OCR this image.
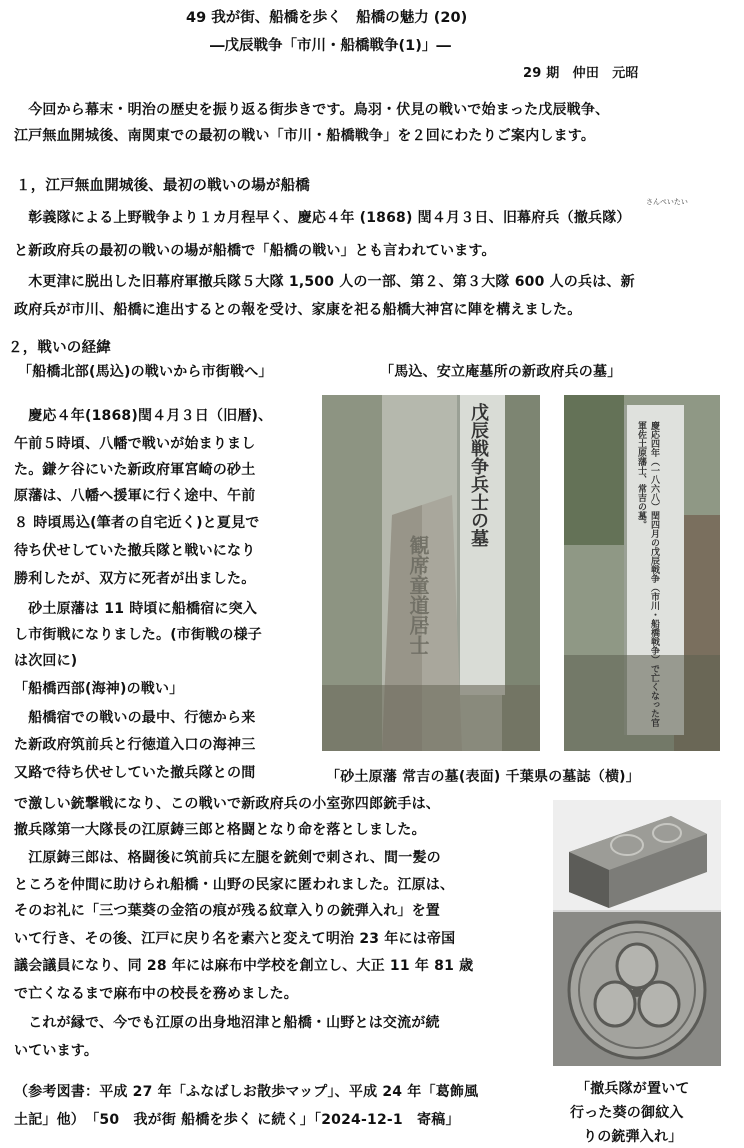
49 我が街、船橋を歩く　船橋の魅力 (20)
―戊辰戦争「市川・船橋戦争(1)」―
29 期　仲田　元昭
　今回から幕末・明治の歴史を振り返る街歩きです。鳥羽・伏見の戦いで始まった戊辰戦争、
江戸無血開城後、南関東での最初の戦い「市川・船橋戦争」を２回にわたりご案内します。
１，江戸無血開城後、最初の戦いの場が船橋
さんぺいたい
　彰義隊による上野戦争より１カ月程早く、慶応４年 (1868) 閏４月３日、旧幕府兵（撤兵隊）
と新政府兵の最初の戦いの場が船橋で「船橋の戦い」とも言われています。
　木更津に脱出した旧幕府軍撤兵隊５大隊 1,500 人の一部、第２、第３大隊 600 人の兵は、新
政府兵が市川、船橋に進出するとの報を受け、家康を祀る船橋大神宮に陣を構えました。
２，戦いの経緯
「船橋北部(馬込)の戦いから市街戦へ」	「馬込、安立庵墓所の新政府兵の墓」
　慶応４年(1868)閏４月３日（旧暦)、
午前５時頃、八幡で戦いが始まりまし
た。鎌ケ谷にいた新政府軍宮崎の砂土
原藩は、八幡へ援軍に行く途中、午前
８ 時頃馬込(筆者の自宅近く)と夏見で
待ち伏せしていた撤兵隊と戦いになり
勝利したが、双方に死者が出ました。
　砂土原藩は 11 時頃に船橋宿に突入
し市街戦になりました。(市街戦の様子
は次回に)
「船橋西部(海神)の戦い」
　船橋宿での戦いの最中、行徳から来
た新政府筑前兵と行徳道入口の海神三
又路で待ち伏せしていた撤兵隊との間
戊辰戦争兵士の墓
観席童道居士	慶応四年（一八六八）閏四月の戊辰戦争（市川・船橋戦争）で亡くなった官軍佐土原藩士、常吉の墓。
「砂土原藩 常吉の墓(表面) 千葉県の墓誌（横)」
で激しい銃撃戦になり、この戦いで新政府兵の小室弥四郎銃手は、
撤兵隊第一大隊長の江原鋳三郎と格闘となり命を落としました。
　江原鋳三郎は、格闘後に筑前兵に左腿を銃剣で刺され、間一髪の
ところを仲間に助けられ船橋・山野の民家に匿われました。江原は、
そのお礼に「三つ葉葵の金箔の痕が残る紋章入りの銃弾入れ」を置
いて行き、その後、江戸に戻り名を素六と変えて明治 23 年には帝国
議会議員になり、同 28 年には麻布中学校を創立し、大正 11 年 81 歳
で亡くなるまで麻布中の校長を務めました。
　これが縁で、今でも江原の出身地沼津と船橋・山野とは交流が続
いています。
「撤兵隊が置いて
行った葵の御紋入
りの銃弾入れ」
（参考図書：平成 27 年「ふなばしお散歩マップ」、平成 24 年「葛飾風
土記」他）　「50　我が街 船橋を歩く に続く」「2024-12-1　寄稿」
